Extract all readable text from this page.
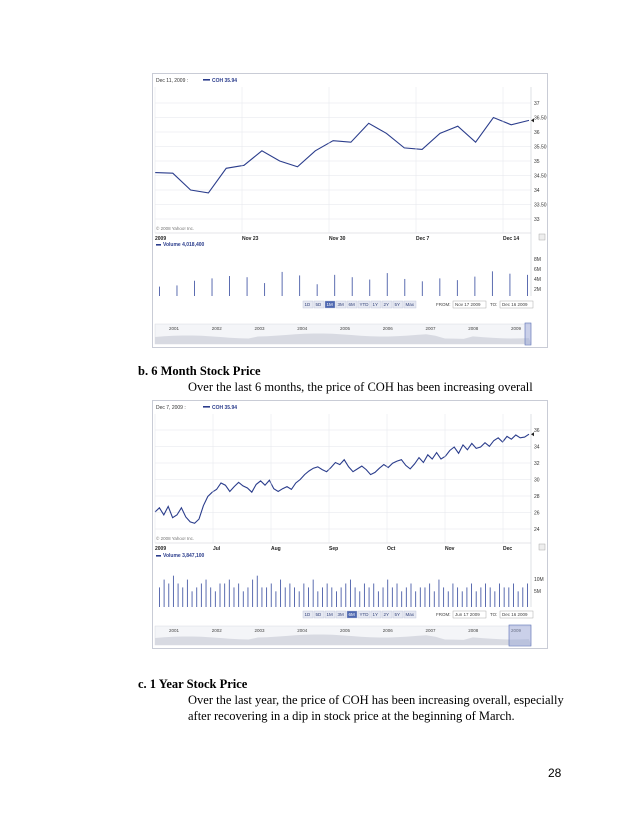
Dec 11, 2009 :	COH 35.94
37
36.50
36
35.50
35
34.50
34
33.50
33
© 2008 Yahoo! Inc.
2009	Nov 23	Nov 30	Dec 7	Dec 14
Volume 4,018,400
8M
6M
4M
2M
1D 5D 1M 3M 6M YTD 1Y 2Y 5Y Max	FROM: Nov 17 2009 TO: Dec 16 2009
2001	2002	2003	2004	2005	2006	2007	2008	2009
b. 6 Month Stock Price
Over the last 6 months, the price of COH has been increasing overall
Dec 7, 2009 :	COH 35.94
36
34
32
30
28
26
24
© 2008 Yahoo! Inc.
2009	Jul	Aug	Sep	Oct	Nov	Dec
Volume 3,847,100
10M
5M
1D 5D 1M 3M 6M YTD 1Y 2Y 5Y Max	FROM: Jun 17 2009 TO: Dec 16 2009
2001	2002	2003	2004	2005	2006	2007	2008
c. 1 Year Stock Price
Over the last year, the price of COH has been increasing overall, especially after recovering in a dip in stock price at the beginning of March.
28
